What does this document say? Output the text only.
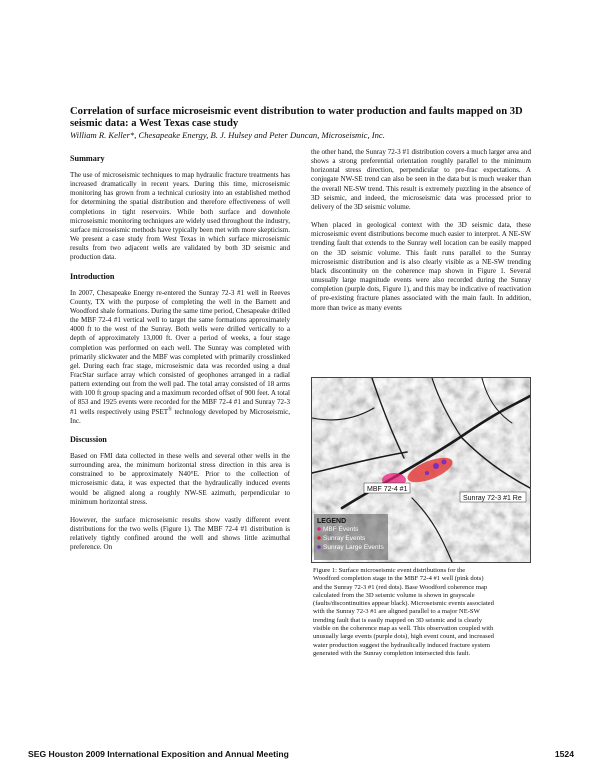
Correlation of surface microseismic event distribution to water production and faults mapped on 3D seismic data: a West Texas case study
William R. Keller*, Chesapeake Energy, B. J. Hulsey and Peter Duncan, Microseismic, Inc.
Summary

The use of microseismic techniques to map hydraulic fracture treatments has increased dramatically in recent years. During this time, microseismic monitoring has grown from a technical curiosity into an established method for determining the spatial distribution and therefore effectiveness of well completions in tight reservoirs. While both surface and downhole microseismic monitoring techniques are widely used throughout the industry, surface microseismic methods have typically been met with more skepticism. We present a case study from West Texas in which surface microseismic results from two adjacent wells are validated by both 3D seismic and production data.

Introduction

In 2007, Chesapeake Energy re-entered the Sunray 72-3 #1 well in Reeves County, TX with the purpose of completing the well in the Barnett and Woodford shale formations. During the same time period, Chesapeake drilled the MBF 72-4 #1 vertical well to target the same formations approximately 4000 ft to the west of the Sunray. Both wells were drilled vertically to a depth of approximately 13,000 ft. Over a period of weeks, a four stage completion was performed on each well. The Sunray was completed with primarily slickwater and the MBF was completed with primarily crosslinked gel. During each frac stage, microseismic data was recorded using a dual FracStar surface array which consisted of geophones arranged in a radial pattern extending out from the well pad. The total array consisted of 18 arms with 100 ft group spacing and a maximum recorded offset of 900 feet. A total of 853 and 1925 events were recorded for the MBF 72-4 #1 and Sunray 72-3 #1 wells respectively using PSET® technology developed by Microseismic, Inc.

Discussion

Based on FMI data collected in these wells and several other wells in the surrounding area, the minimum horizontal stress direction in this area is constrained to be approximately N40°E. Prior to the collection of microseismic data, it was expected that the hydraulically induced events would be aligned along a roughly NW-SE azimuth, perpendicular to minimum horizontal stress.

However, the surface microseismic results show vastly different event distributions for the two wells (Figure 1). The MBF 72-4 #1 distribution is relatively tightly confined around the well and shows little azimuthal preference. On

the other hand, the Sunray 72-3 #1 distribution covers a much larger area and shows a strong preferential orientation roughly parallel to the minimum horizontal stress direction, perpendicular to pre-frac expectations. A conjugate NW-SE trend can also be seen in the data but is much weaker than the overall NE-SW trend. This result is extremely puzzling in the absence of 3D seismic, and indeed, the microseismic data was processed prior to delivery of the 3D seismic volume.

When placed in geological context with the 3D seismic data, these microseismic event distributions become much easier to interpret. A NE-SW trending fault that extends to the Sunray well location can be easily mapped on the 3D seismic volume. This fault runs parallel to the Sunray microseismic distribution and is also clearly visible as a NE-SW trending black discontinuity on the coherence map shown in Figure 1. Several unusually large magnitude events were also recorded during the Sunray completion (purple dots, Figure 1), and this may be indicative of reactivation of pre-existing fracture planes associated with the main fault. In addition, more than twice as many events

MBF 72-4 #1
Sunray 72-3 #1 Re
LEGEND
MBF Events
Sunray Events
Sunray Large Events
Figure 1: Surface microseismic event distributions for the
Woodford completion stage in the MBF 72-4 #1 well (pink dots)
and the Sunray 72-3 #1 (red dots). Base Woodford coherence map
calculated from the 3D seismic volume is shown in grayscale
(faults/discontinuities appear black). Microseismic events associated
with the Sunray 72-3 #1 are aligned parallel to a major NE-SW
trending fault that is easily mapped on 3D seismic and is clearly
visible on the coherence map as well. This observation coupled with
unusually large events (purple dots), high event count, and increased
water production suggest the hydraulically induced fracture system
generated with the Sunray completion intersected this fault.
SEG Houston 2009 International Exposition and Annual Meeting	1524
